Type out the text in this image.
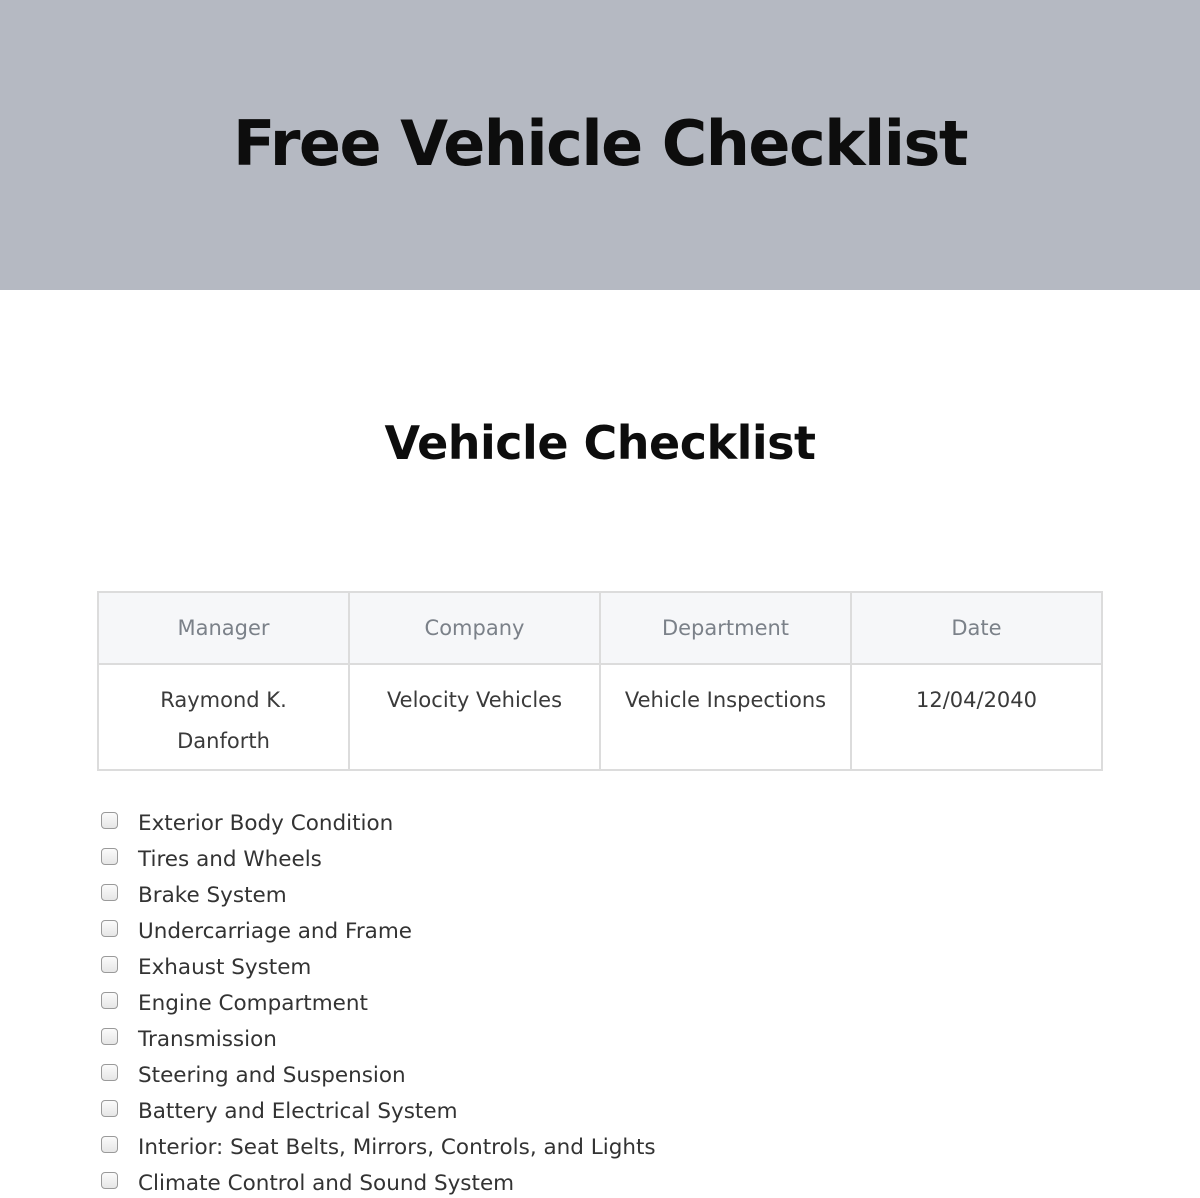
Free Vehicle Checklist
Vehicle Checklist
Manager	Company	Department	Date
Raymond K. Danforth	Velocity Vehicles	Vehicle Inspections	12/04/2040
Exterior Body Condition
Tires and Wheels
Brake System
Undercarriage and Frame
Exhaust System
Engine Compartment
Transmission
Steering and Suspension
Battery and Electrical System
Interior: Seat Belts, Mirrors, Controls, and Lights
Climate Control and Sound System
